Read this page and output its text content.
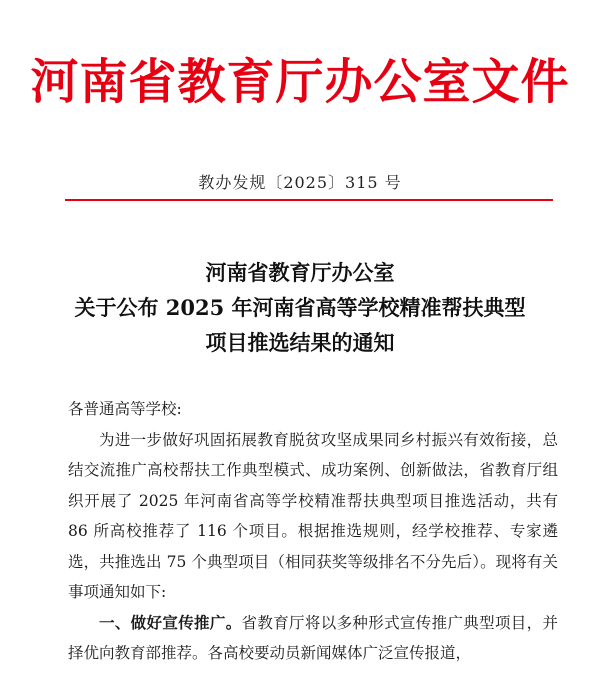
河南省教育厅办公室文件
教办发规〔2025〕315 号
河南省教育厅办公室
关于公布 2025 年河南省高等学校精准帮扶典型
项目推选结果的通知
各普通高等学校:
为进一步做好巩固拓展教育脱贫攻坚成果同乡村振兴有效衔接，总结交流推广高校帮扶工作典型模式、成功案例、创新做法，省教育厅组织开展了 2025 年河南省高等学校精准帮扶典型项目推选活动，共有 86 所高校推荐了 116 个项目。根据推选规则，经学校推荐、专家遴选，共推选出 75 个典型项目（相同获奖等级排名不分先后）。现将有关事项通知如下:
一、做好宣传推广。省教育厅将以多种形式宣传推广典型项目，并择优向教育部推荐。各高校要动员新闻媒体广泛宣传报道，
